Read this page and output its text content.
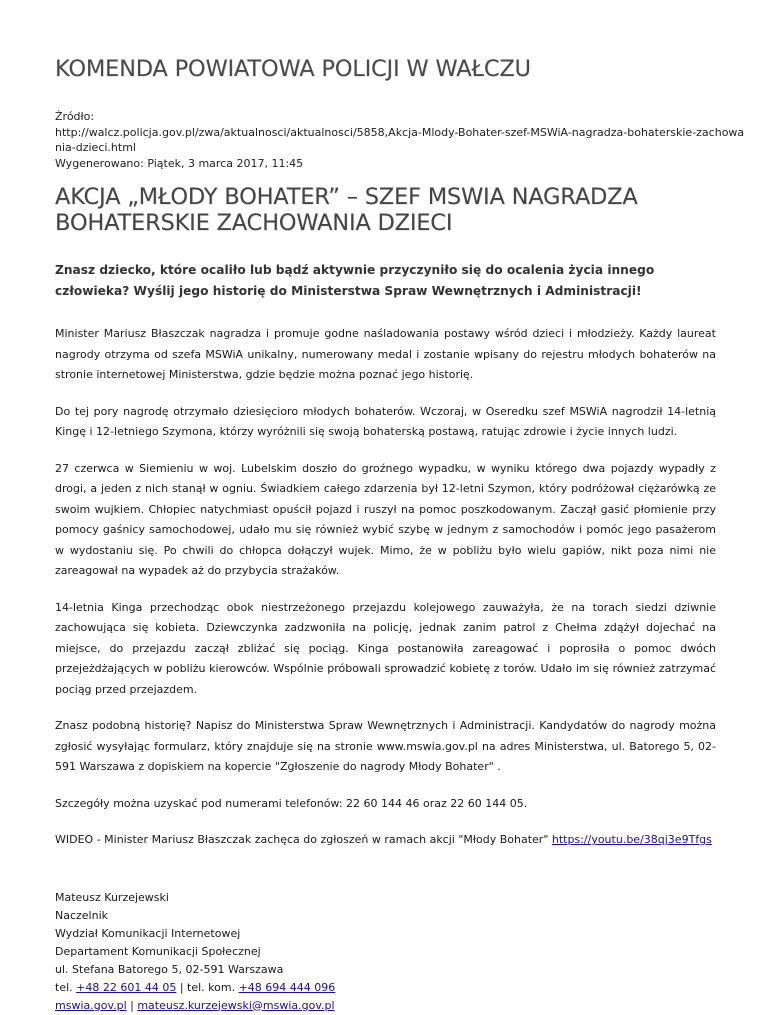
KOMENDA POWIATOWA POLICJI W WAŁCZU
Źródło:
http://walcz.policja.gov.pl/zwa/aktualnosci/aktualnosci/5858,Akcja-Mlody-Bohater-szef-MSWiA-nagradza-bohaterskie-zachowa
nia-dzieci.html
Wygenerowano: Piątek, 3 marca 2017, 11:45
AKCJA „MŁODY BOHATER” – SZEF MSWIA NAGRADZA BOHATERSKIE ZACHOWANIA DZIECI

Znasz dziecko, które ocaliło lub bądź aktywnie przyczyniło się do ocalenia życia innego człowieka? Wyślij jego historię do Ministerstwa Spraw Wewnętrznych i Administracji!

Minister Mariusz Błaszczak nagradza i promuje godne naśladowania postawy wśród dzieci i młodzieży. Każdy laureat nagrody otrzyma od szefa MSWiA unikalny, numerowany medal i zostanie wpisany do rejestru młodych bohaterów na stronie internetowej Ministerstwa, gdzie będzie można poznać jego historię.

Do tej pory nagrodę otrzymało dziesięcioro młodych bohaterów. Wczoraj, w Oseredku szef MSWiA nagrodził 14-letnią Kingę i 12-letniego Szymona, którzy wyróżnili się swoją bohaterską postawą, ratując zdrowie i życie innych ludzi.

27 czerwca w Siemieniu w woj. Lubelskim doszło do groźnego wypadku, w wyniku którego dwa pojazdy wypadły z drogi, a jeden z nich stanął w ogniu. Świadkiem całego zdarzenia był 12-letni Szymon, który podróżował ciężarówką ze swoim wujkiem. Chłopiec natychmiast opuścił pojazd i ruszył na pomoc poszkodowanym. Zaczął gasić płomienie przy pomocy gaśnicy samochodowej, udało mu się również wybić szybę w jednym z samochodów i pomóc jego pasażerom w wydostaniu się. Po chwili do chłopca dołączył wujek. Mimo, że w pobliżu było wielu gapiów, nikt poza nimi nie zareagował na wypadek aż do przybycia strażaków.

14-letnia Kinga przechodząc obok niestrzeżonego przejazdu kolejowego zauważyła, że na torach siedzi dziwnie zachowująca się kobieta. Dziewczynka zadzwoniła na policję, jednak zanim patrol z Chełma zdążył dojechać na miejsce, do przejazdu zaczął zbliżać się pociąg. Kinga postanowiła zareagować i poprosiła o pomoc dwóch przejeżdżających w pobliżu kierowców. Wspólnie próbowali sprowadzić kobietę z torów. Udało im się również zatrzymać pociąg przed przejazdem.

Znasz podobną historię? Napisz do Ministerstwa Spraw Wewnętrznych i Administracji. Kandydatów do nagrody można zgłosić wysyłając formularz, który znajduje się na stronie www.mswia.gov.pl na adres Ministerstwa, ul. Batorego 5, 02-591 Warszawa z dopiskiem na kopercie "Zgłoszenie do nagrody Młody Bohater" .

Szczegóły można uzyskać pod numerami telefonów: 22 60 144 46 oraz 22 60 144 05.

WIDEO - Minister Mariusz Błaszczak zachęca do zgłoszeń w ramach akcji "Młody Bohater" https://youtu.be/38qj3e9Tfgs

Mateusz Kurzejewski
Naczelnik
Wydział Komunikacji Internetowej
Departament Komunikacji Społecznej
ul. Stefana Batorego 5, 02-591 Warszawa
tel. +48 22 601 44 05 | tel. kom. +48 694 444 096
mswia.gov.pl | mateusz.kurzejewski@mswia.gov.pl
